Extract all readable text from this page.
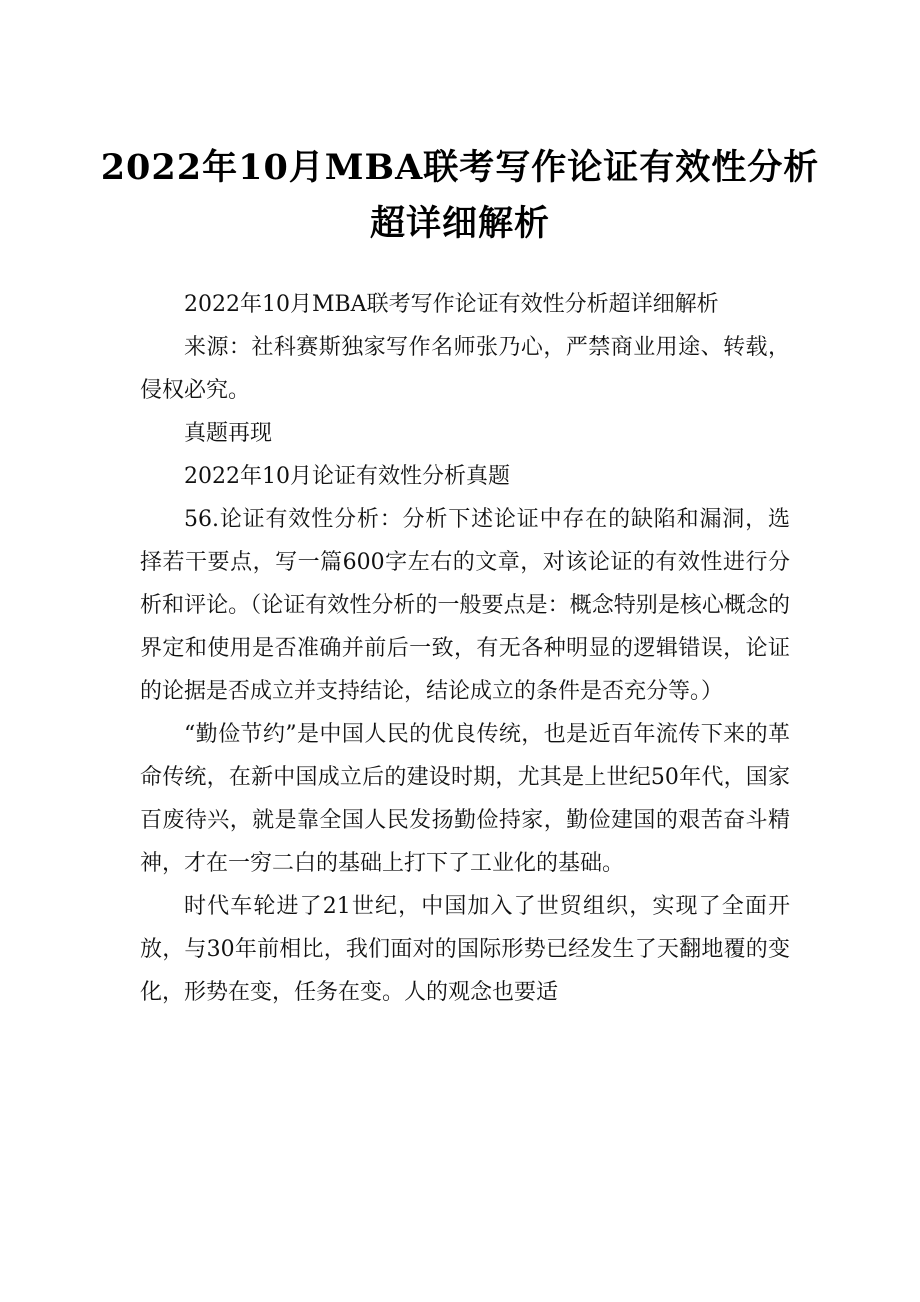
2022年10月MBA联考写作论证有效性分析
超详细解析

2022年10月MBA联考写作论证有效性分析超详细解析

来源：社科赛斯独家写作名师张乃心，严禁商业用途、转载，侵权必究。

真题再现

2022年10月论证有效性分析真题

56.论证有效性分析：分析下述论证中存在的缺陷和漏洞，选择若干要点，写一篇600字左右的文章，对该论证的有效性进行分析和评论。（论证有效性分析的一般要点是：概念特别是核心概念的界定和使用是否准确并前后一致，有无各种明显的逻辑错误，论证的论据是否成立并支持结论，结论成立的条件是否充分等。）

“勤俭节约”是中国人民的优良传统，也是近百年流传下来的革命传统，在新中国成立后的建设时期，尤其是上世纪50年代，国家百废待兴，就是靠全国人民发扬勤俭持家，勤俭建国的艰苦奋斗精神，才在一穷二白的基础上打下了工业化的基础。

时代车轮进了21世纪，中国加入了世贸组织，实现了全面开放，与30年前相比，我们面对的国际形势已经发生了天翻地覆的变化，形势在变，任务在变。人的观念也要适
